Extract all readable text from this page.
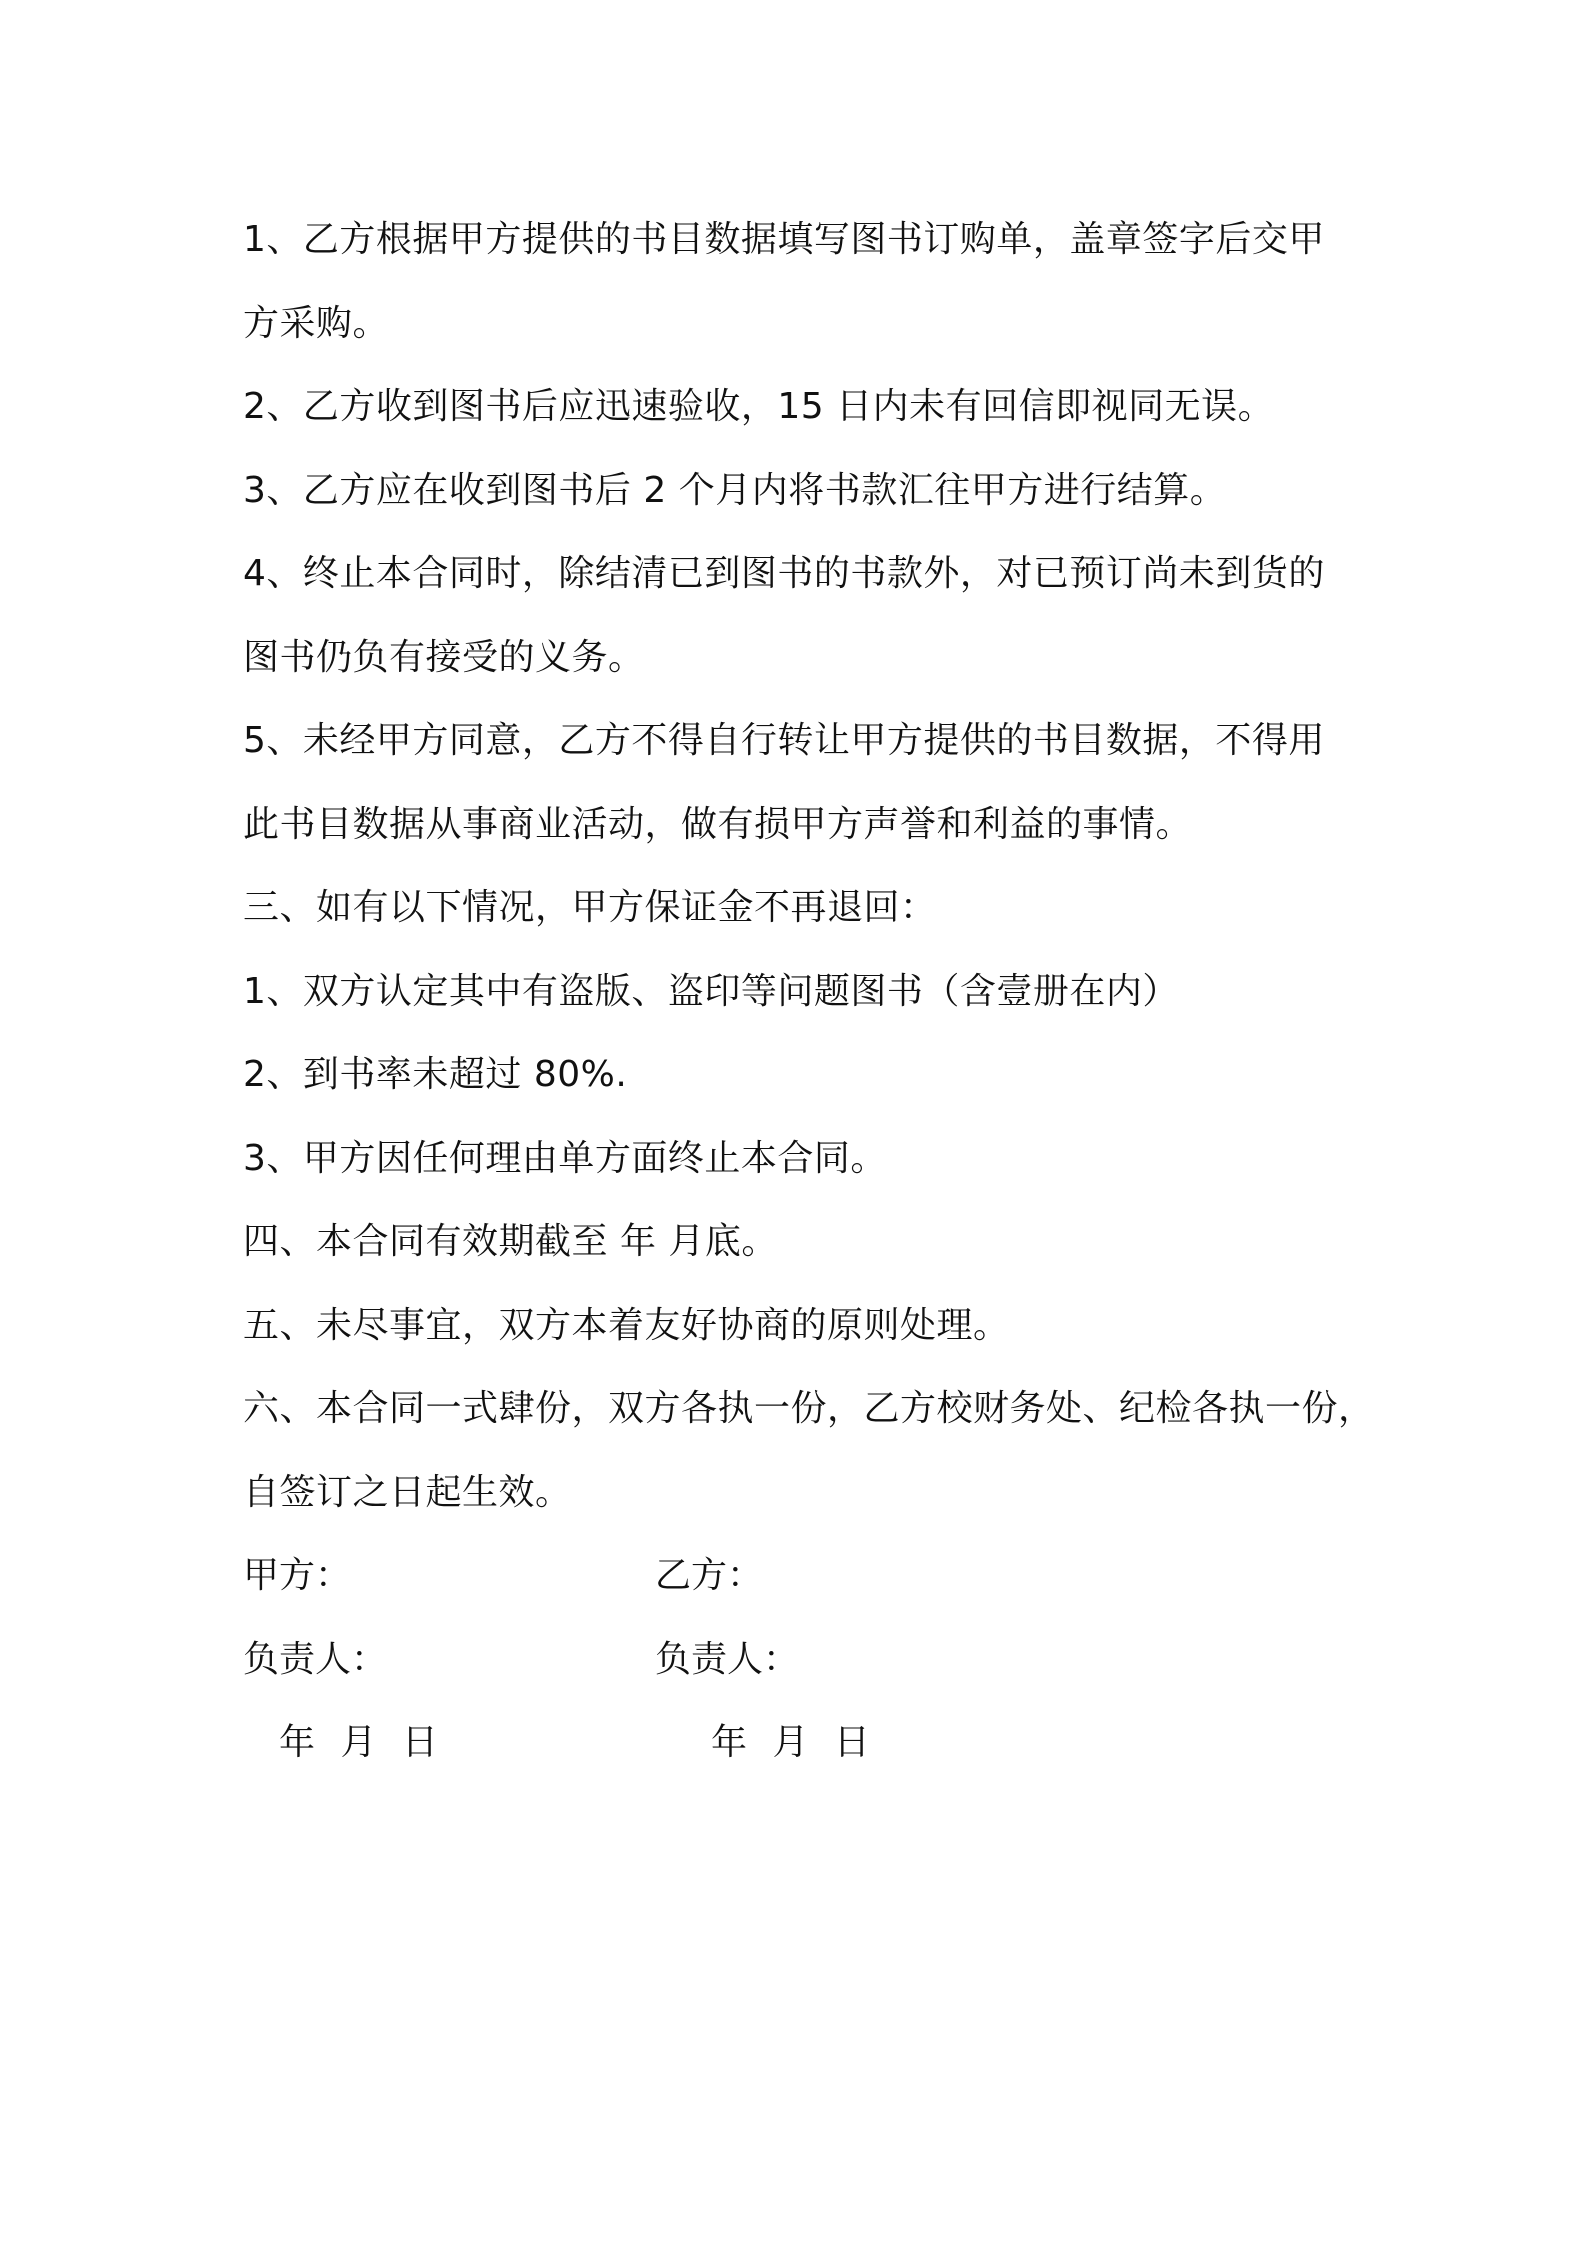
1、乙方根据甲方提供的书目数据填写图书订购单，盖章签字后交甲
方采购。
2、乙方收到图书后应迅速验收，15 日内未有回信即视同无误。
3、乙方应在收到图书后 2 个月内将书款汇往甲方进行结算。
4、终止本合同时，除结清已到图书的书款外，对已预订尚未到货的
图书仍负有接受的义务。
5、未经甲方同意，乙方不得自行转让甲方提供的书目数据，不得用
此书目数据从事商业活动，做有损甲方声誉和利益的事情。
三、如有以下情况，甲方保证金不再退回：
1、双方认定其中有盗版、盗印等问题图书（含壹册在内）
2、到书率未超过 80%.
3、甲方因任何理由单方面终止本合同。
四、本合同有效期截至 年 月底。
五、未尽事宜，双方本着友好协商的原则处理。
六、本合同一式肆份，双方各执一份，乙方校财务处、纪检各执一份，
自签订之日起生效。
甲方：	乙方：
负责人：	负责人：
年 月 日	年 月 日
